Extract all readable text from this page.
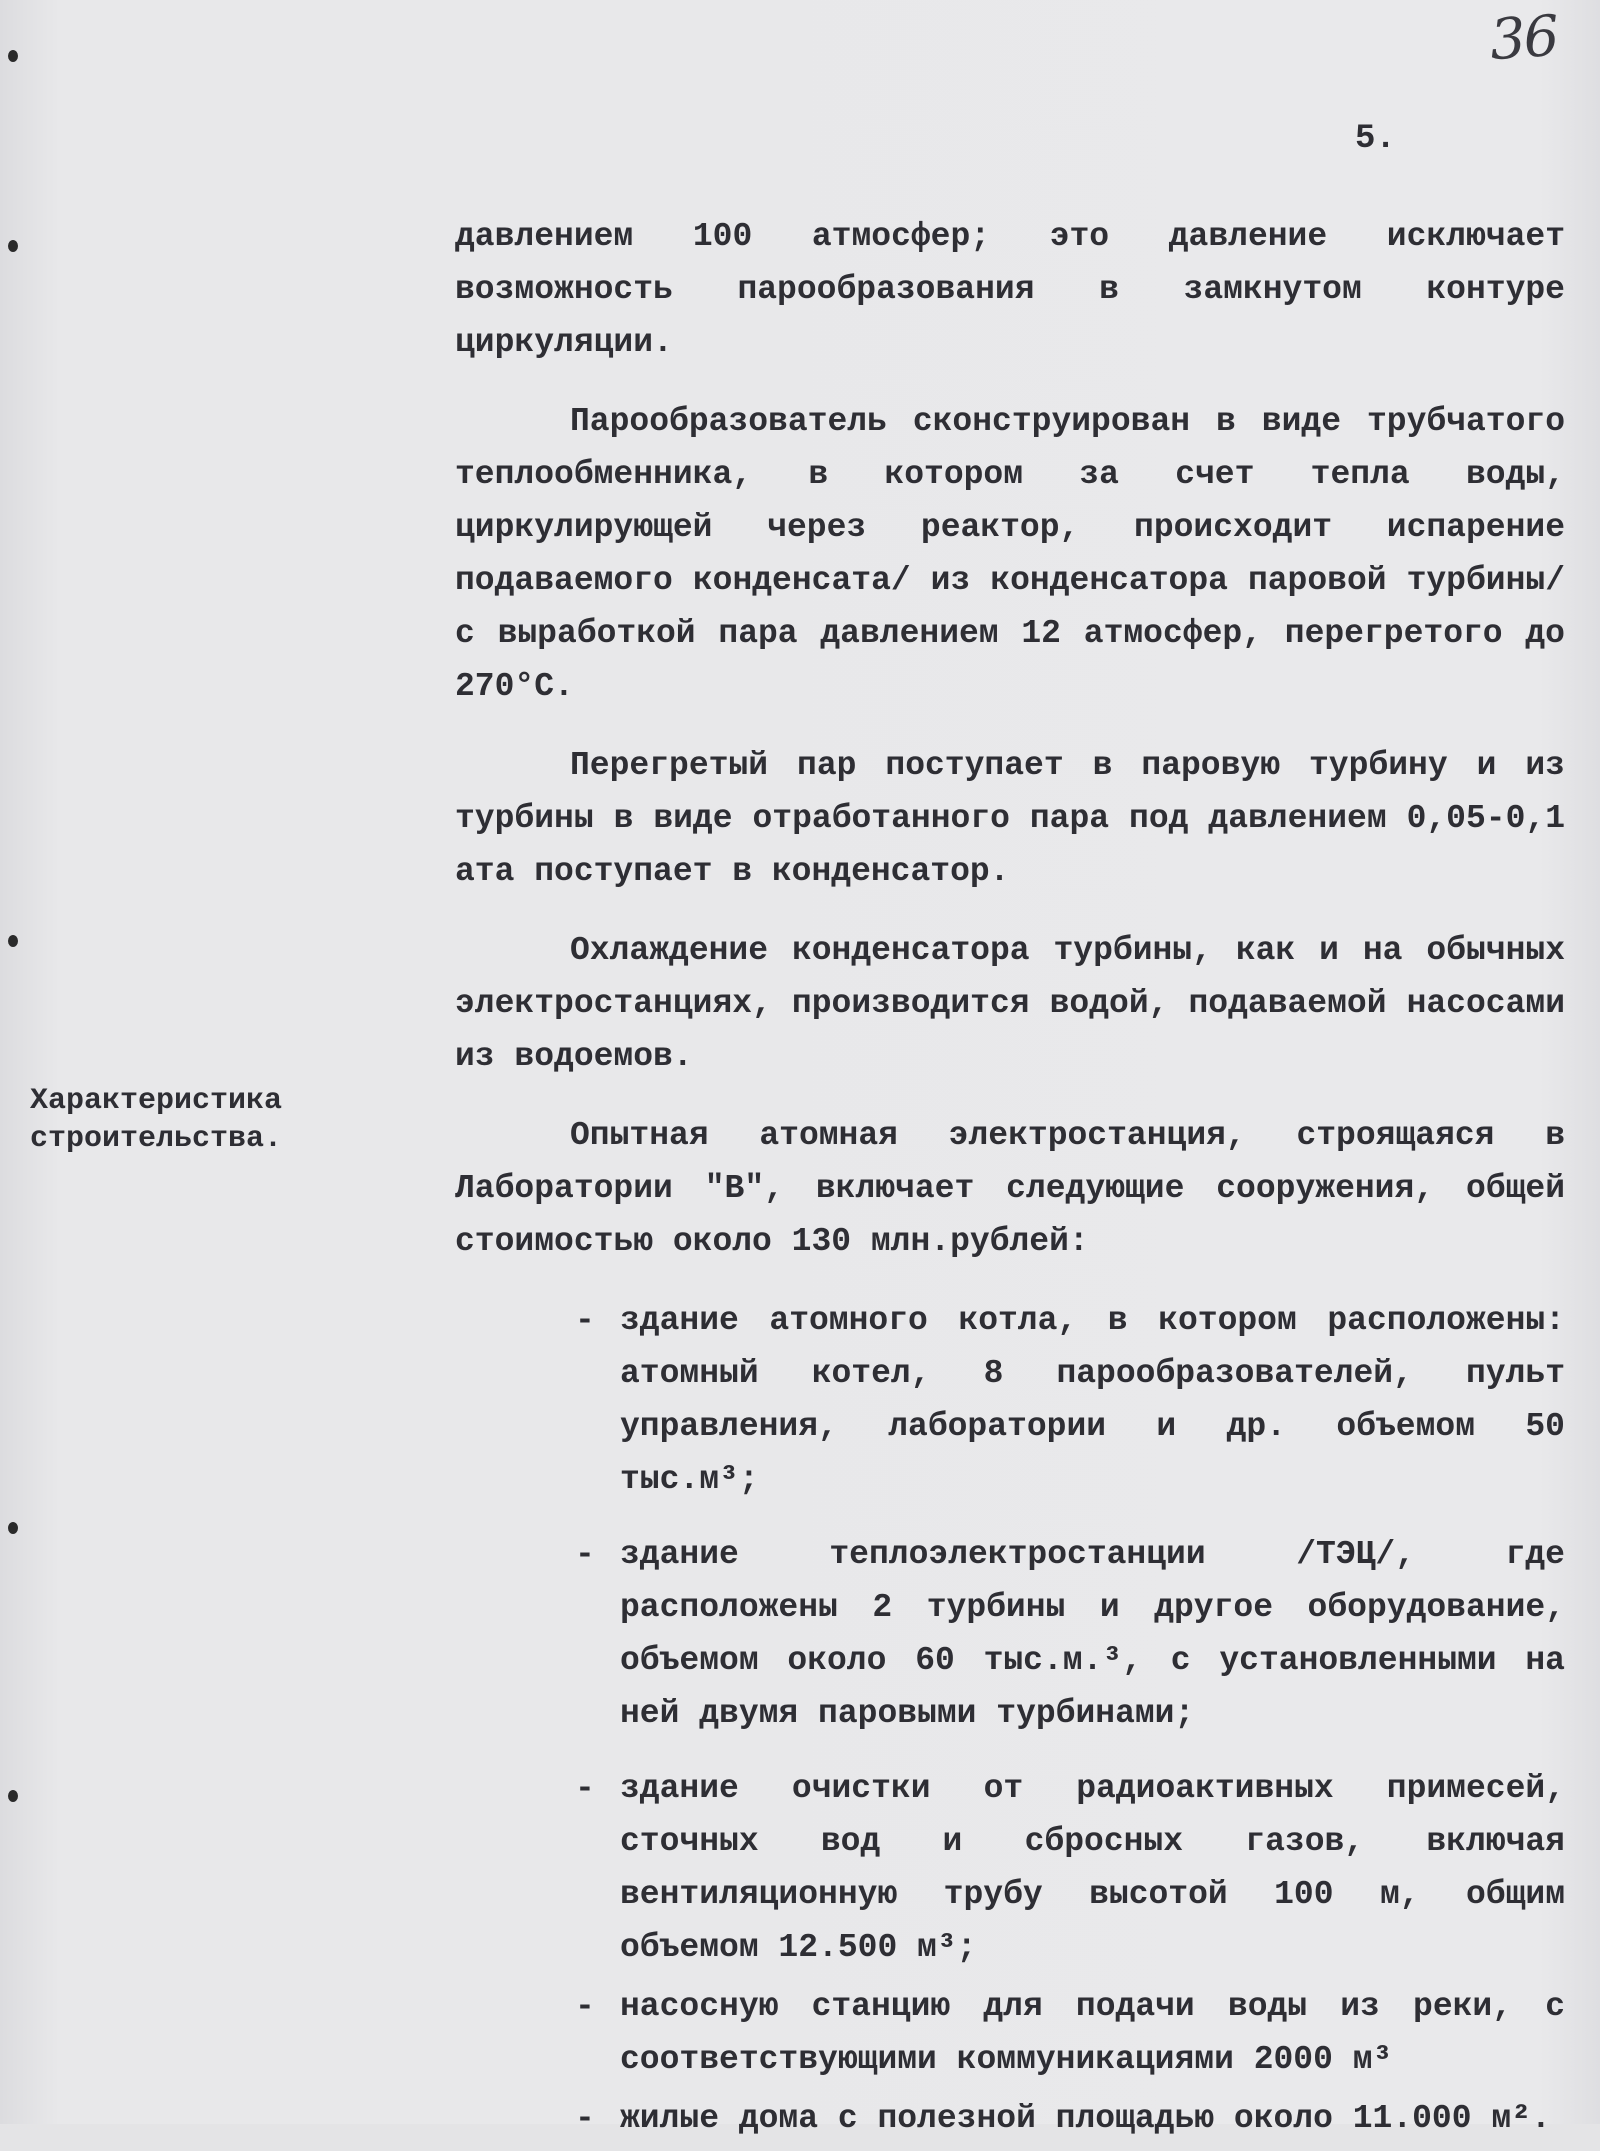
36
5.
Характеристика строительства.

давлением 100 атмосфер; это давление исключает возможность парообразования в замкнутом контуре циркуляции.

Парообразователь сконструирован в виде трубчатого теплообменника, в котором за счет тепла воды, циркулирующей через реактор, происходит испарение подаваемого конденсата/ из конденсатора паровой турбины/ с выработкой пара давлением 12 атмосфер, перегретого до 270°С.

Перегретый пар поступает в паровую турбину и из турбины в виде отработанного пара под давлением 0,05-0,1 ата поступает в конденсатор.

Охлаждение конденсатора турбины, как и на обычных электростанциях, производится водой, подаваемой насосами из водоемов.

Опытная атомная электростанция, строящаяся в Лаборатории "В", включает следующие сооружения, общей стоимостью около 130 млн.рублей:

- здание атомного котла, в котором расположены: атомный котел, 8 парообразователей, пульт управления, лаборатории и др. объемом 50 тыс.м³;
- здание теплоэлектростанции /ТЭЦ/, где расположены 2 турбины и другое оборудование, объемом около 60 тыс.м.³, с установленными на ней двумя паровыми турбинами;
- здание очистки от радиоактивных примесей, сточных вод и сбросных газов, включая вентиляционную трубу высотой 100 м, общим объемом 12.500 м³;
- насосную станцию для подачи воды из реки, с соответствующими коммуникациями 2000 м³
- жилые дома с полезной площадью около 11.000 м².
